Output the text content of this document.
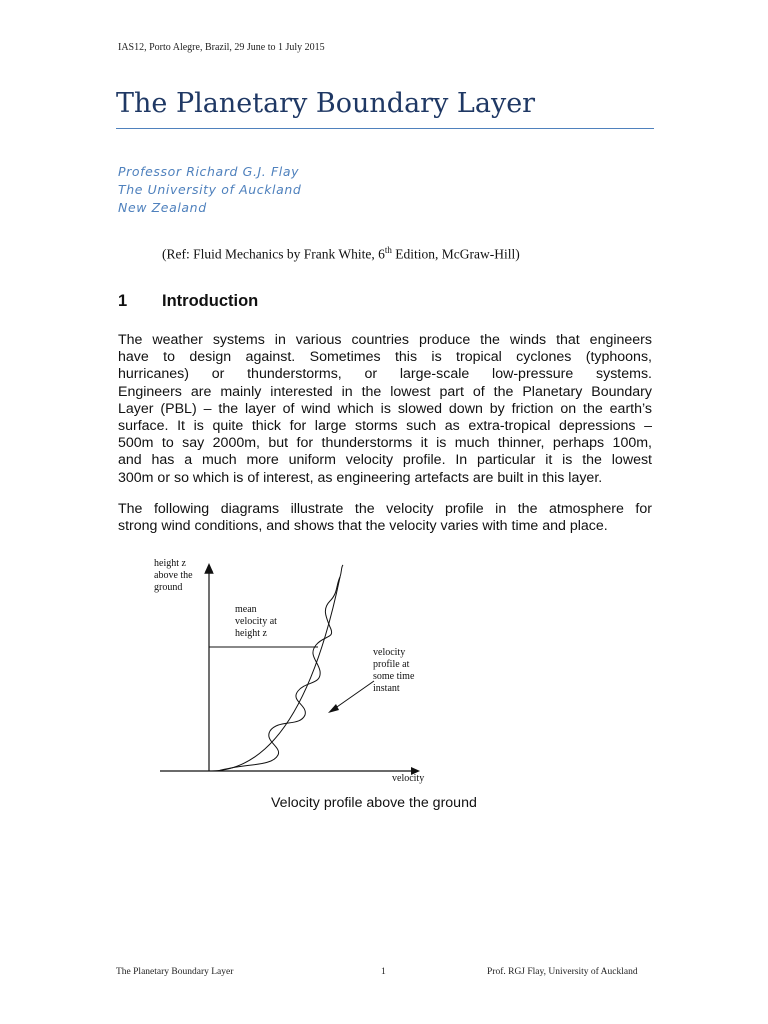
IAS12, Porto Alegre, Brazil, 29 June to 1 July 2015
The Planetary Boundary Layer
Professor Richard G.J. Flay
The University of Auckland
New Zealand
(Ref: Fluid Mechanics by Frank White, 6th Edition, McGraw-Hill)
1	Introduction

The weather systems in various countries produce the winds that engineers
have to design against. Sometimes this is tropical cyclones (typhoons,
hurricanes) or thunderstorms, or large-scale low-pressure systems.
Engineers are mainly interested in the lowest part of the Planetary Boundary
Layer (PBL) – the layer of wind which is slowed down by friction on the earth’s
surface. It is quite thick for large storms such as extra-tropical depressions –
500m to say 2000m, but for thunderstorms it is much thinner, perhaps 100m,
and has a much more uniform velocity profile. In particular it is the lowest
300m or so which is of interest, as engineering artefacts are built in this layer.

The following diagrams illustrate the velocity profile in the atmosphere for
strong wind conditions, and shows that the velocity varies with time and place.

height z
above the
ground
mean
velocity at
height z
velocity
profile at
some time
instant
velocity
Velocity profile above the ground
The Planetary Boundary Layer	1	Prof. RGJ Flay, University of Auckland
